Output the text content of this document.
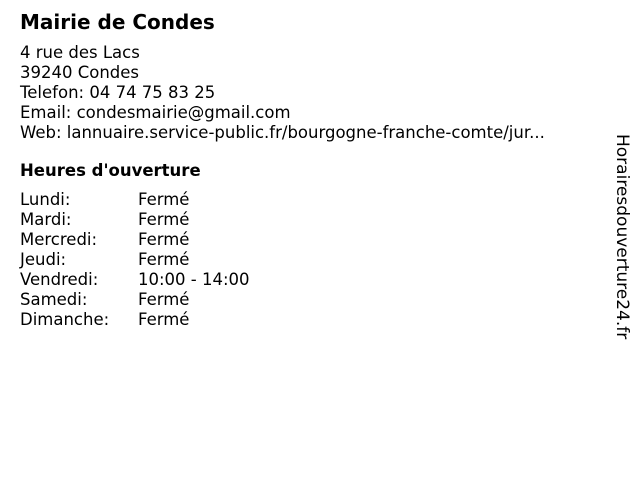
Mairie de Condes
4 rue des Lacs
39240 Condes
Telefon: 04 74 75 83 25
Email: condesmairie@gmail.com
Web: lannuaire.service-public.fr/bourgogne-franche-comte/jur...
Heures d'ouverture
Lundi:	Fermé
Mardi:	Fermé
Mercredi:	Fermé
Jeudi:	Fermé
Vendredi:	10:00 - 14:00
Samedi:	Fermé
Dimanche:	Fermé	Horairesdouverture24.fr
